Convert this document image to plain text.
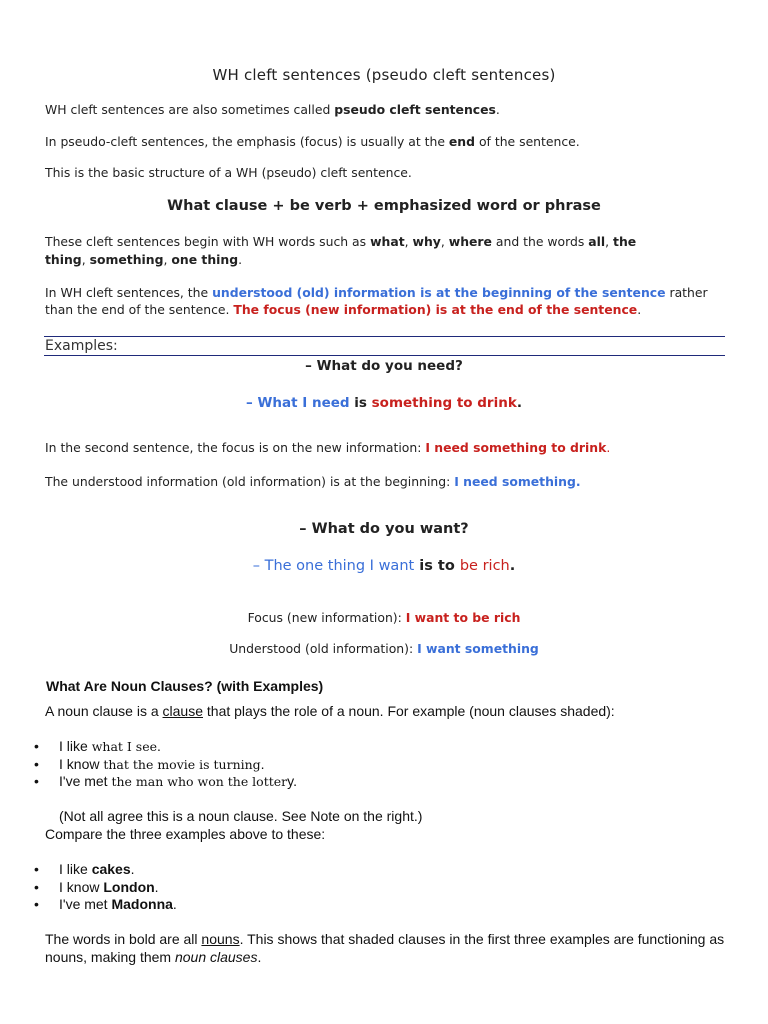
WH cleft sentences (pseudo cleft sentences)
WH cleft sentences are also sometimes called pseudo cleft sentences.
In pseudo-cleft sentences, the emphasis (focus) is usually at the end of the sentence.
This is the basic structure of a WH (pseudo) cleft sentence.
What clause + be verb + emphasized word or phrase
These cleft sentences begin with WH words such as what, why, where and the words all, the
thing, something, one thing.
In WH cleft sentences, the understood (old) information is at the beginning of the sentence rather
than the end of the sentence. The focus (new information) is at the end of the sentence.
Examples:
– What do you need?
– What I need is something to drink.
In the second sentence, the focus is on the new information: I need something to drink.
The understood information (old information) is at the beginning: I need something.
– What do you want?
– The one thing I want is to be rich.
Focus (new information): I want to be rich
Understood (old information): I want something
What Are Noun Clauses? (with Examples)
A noun clause is a clause that plays the role of a noun. For example (noun clauses shaded):
• I like what I see.
• I know that the movie is turning.
• I've met the man who won the lottery.
(Not all agree this is a noun clause. See Note on the right.)
Compare the three examples above to these:
• I like cakes.
• I know London.
• I've met Madonna.
The words in bold are all nouns. This shows that shaded clauses in the first three examples are functioning as
nouns, making them noun clauses.
